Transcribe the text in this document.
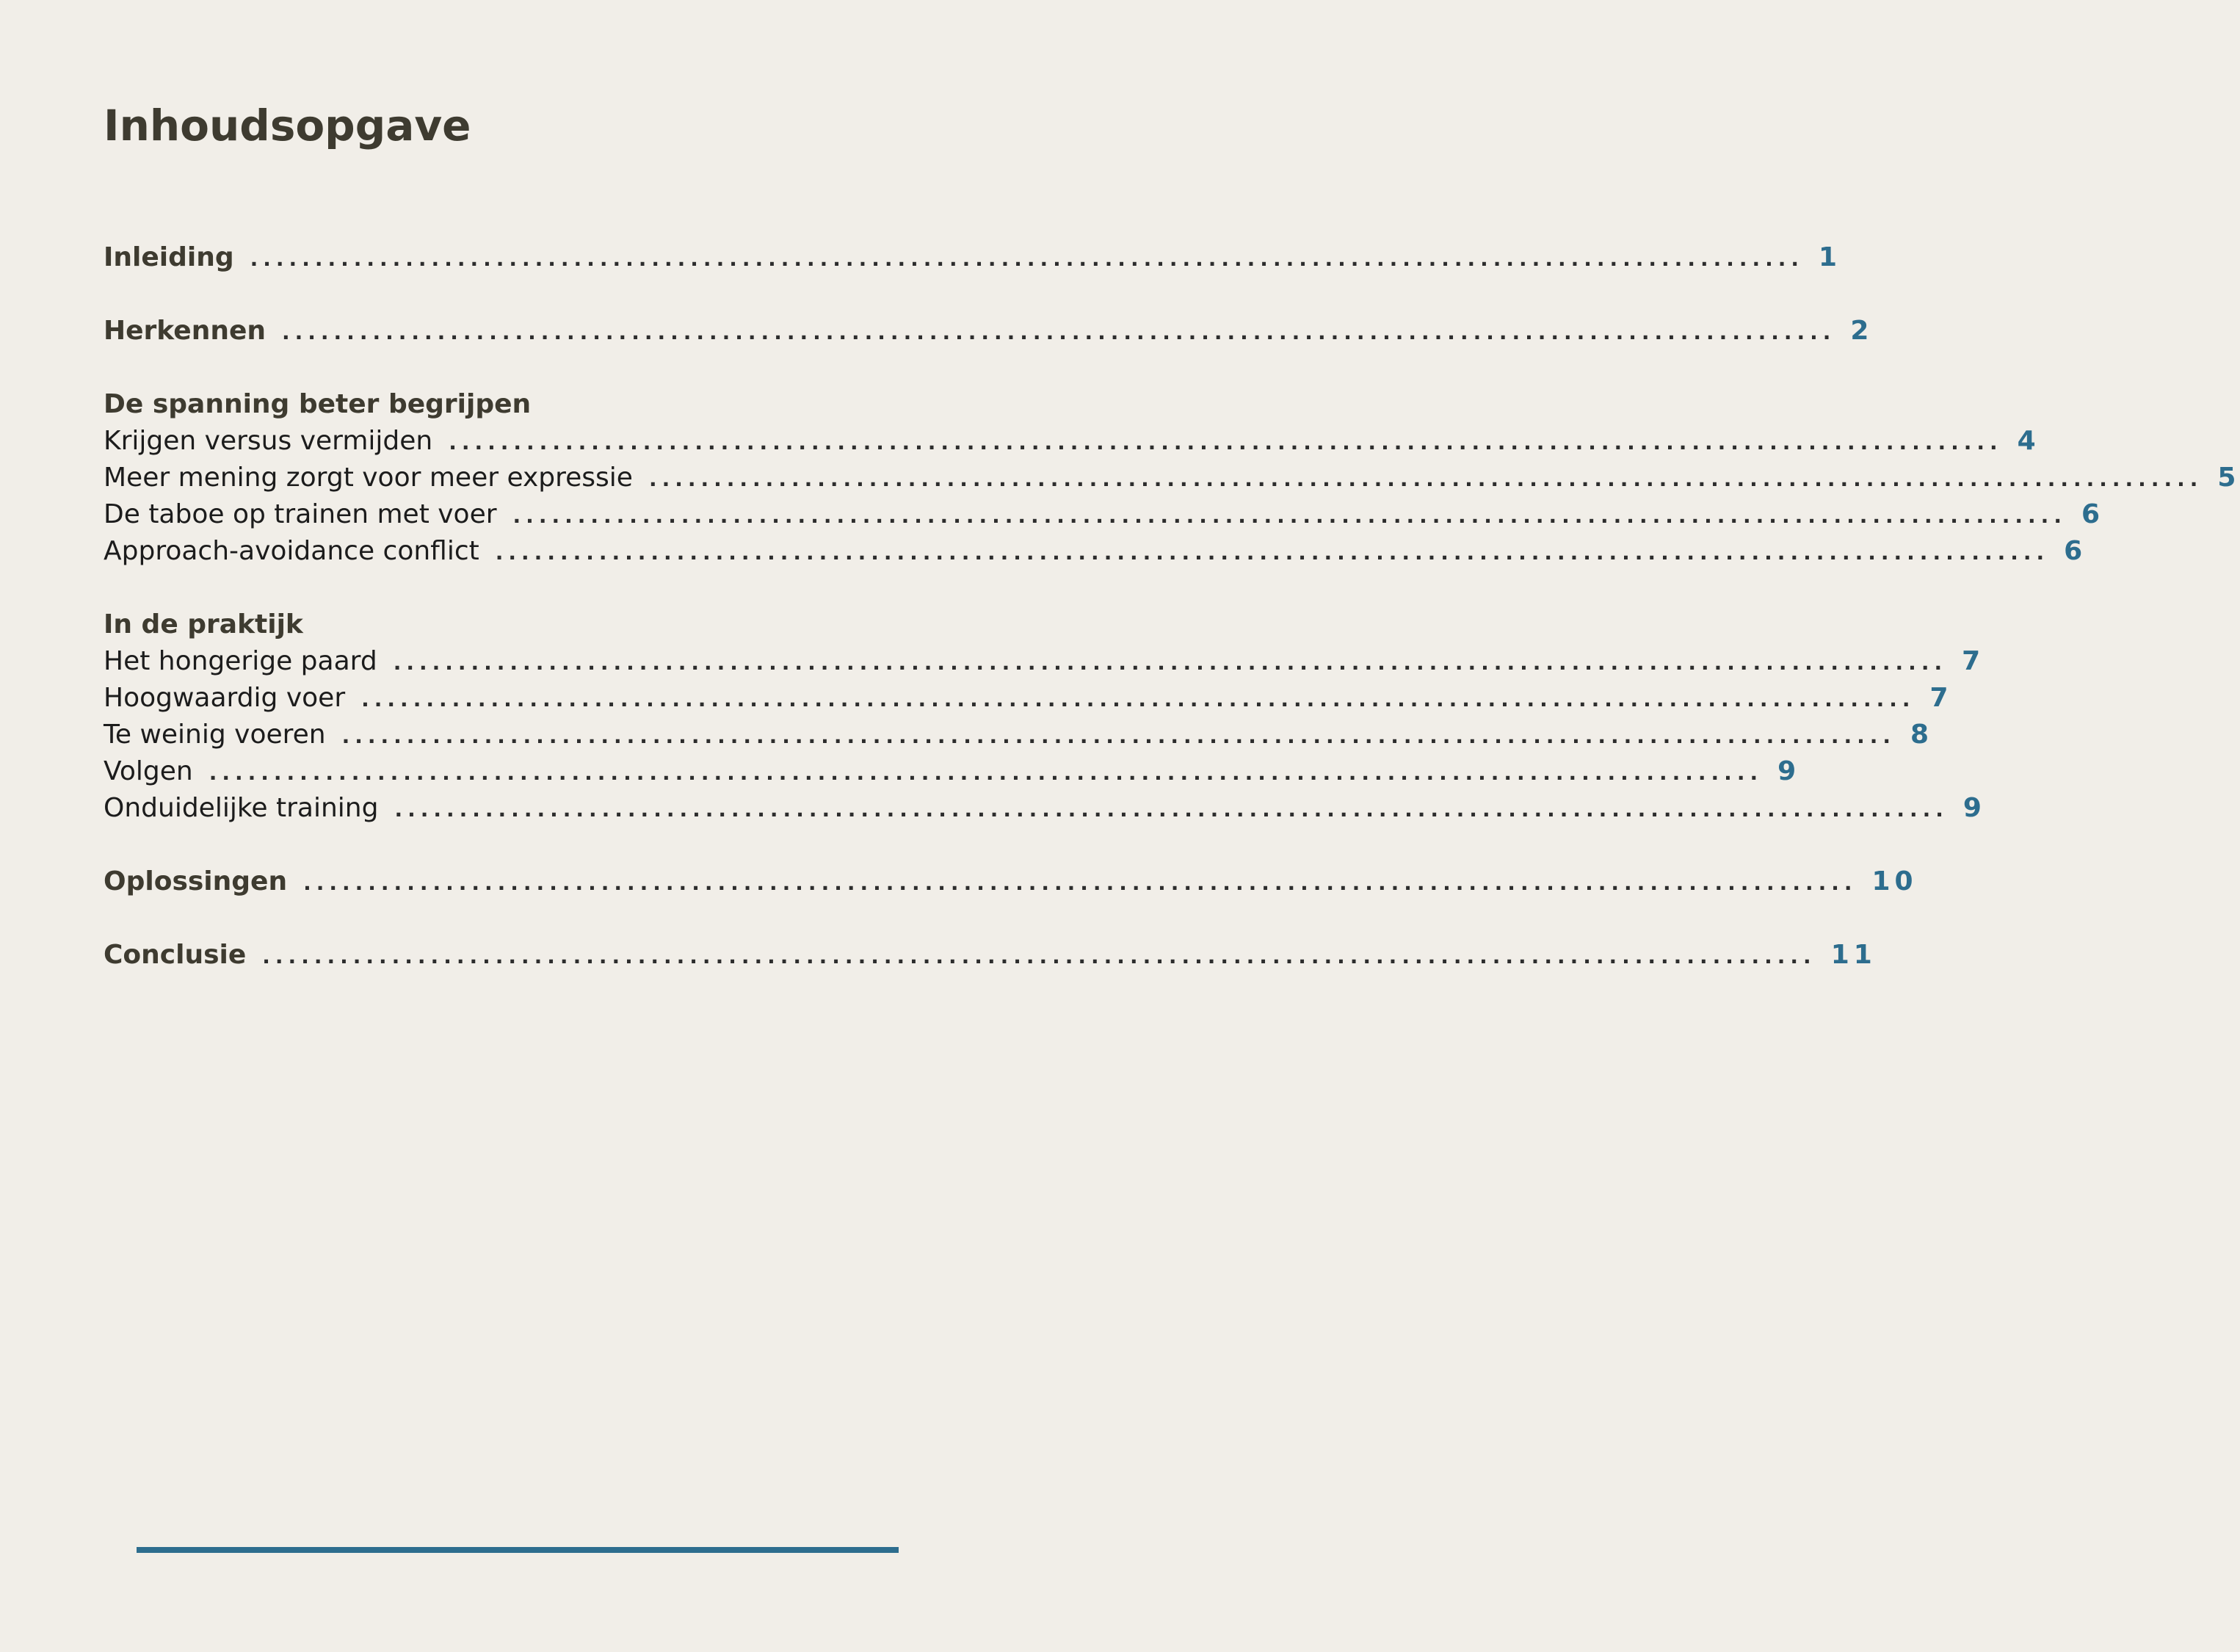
Inhoudsopgave
Inleiding ........................................................................................................................ 1
Herkennen ........................................................................................................................ 2
De spanning beter begrijpen
Krijgen versus vermijden ........................................................................................................................ 4
Meer mening zorgt voor meer expressie ........................................................................................................................ 5
De taboe op trainen met voer ........................................................................................................................ 6
Approach-avoidance conflict ........................................................................................................................ 6
In de praktijk
Het hongerige paard ........................................................................................................................ 7
Hoogwaardig voer ........................................................................................................................ 7
Te weinig voeren ........................................................................................................................ 8
Volgen ........................................................................................................................ 9
Onduidelijke training ........................................................................................................................ 9
Oplossingen ........................................................................................................................ 10
Conclusie ........................................................................................................................ 11
